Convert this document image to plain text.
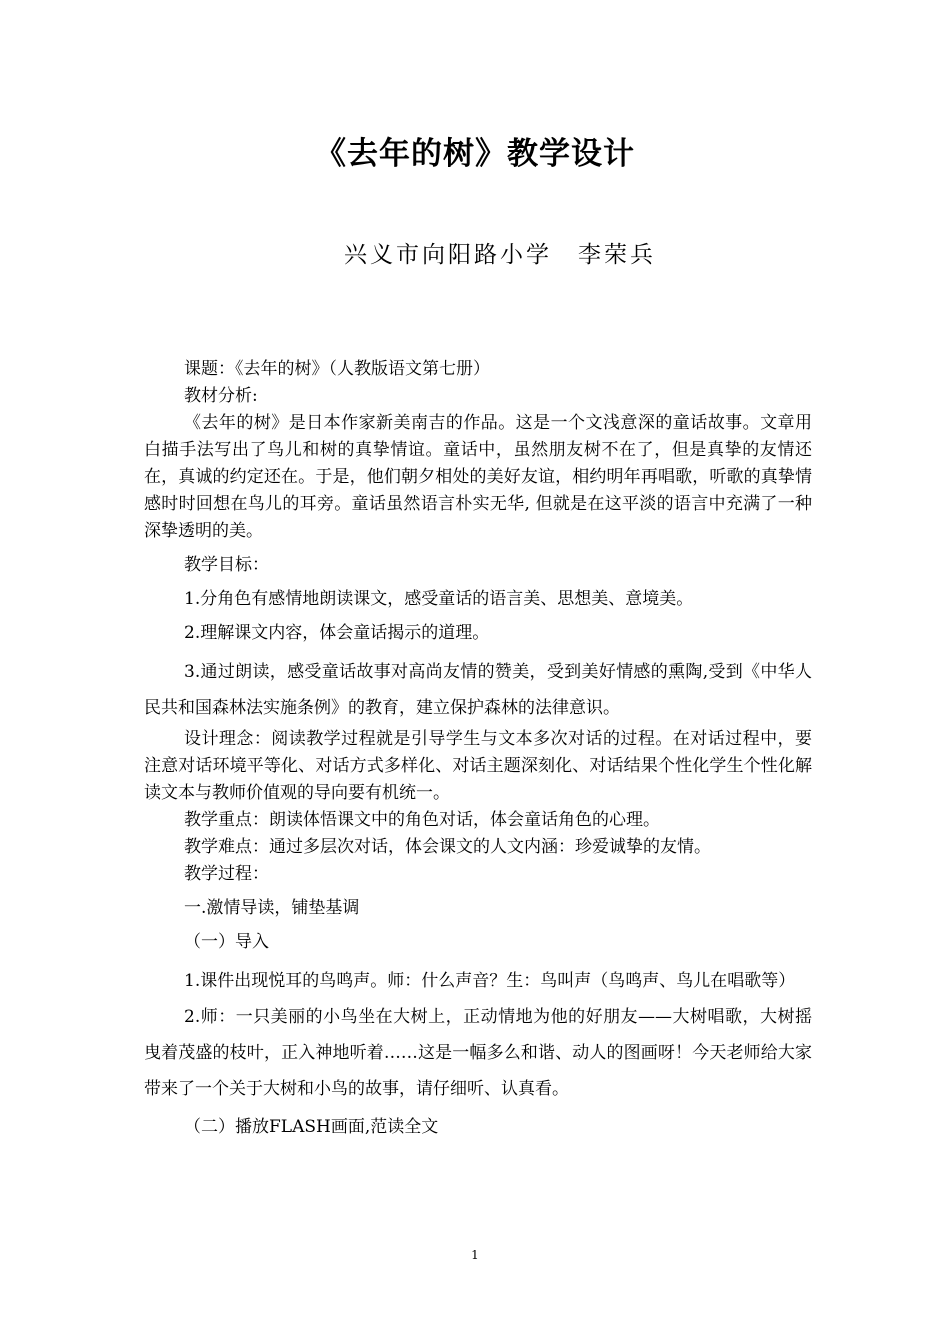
《去年的树》教学设计
兴义市向阳路小学 李荣兵

课题：《去年的树》（人教版语文第七册）

教材分析:

《去年的树》是日本作家新美南吉的作品。这是一个文浅意深的童话故事。文章用白描手法写出了鸟儿和树的真挚情谊。童话中，虽然朋友树不在了，但是真挚的友情还在，真诚的约定还在。于是，他们朝夕相处的美好友谊，相约明年再唱歌，听歌的真挚情感时时回想在鸟儿的耳旁。童话虽然语言朴实无华, 但就是在这平淡的语言中充满了一种深挚透明的美。

教学目标：

1.分角色有感情地朗读课文，感受童话的语言美、思想美、意境美。

2.理解课文内容，体会童话揭示的道理。

3.通过朗读，感受童话故事对高尚友情的赞美，受到美好情感的熏陶,受到《中华人民共和国森林法实施条例》的教育，建立保护森林的法律意识。

设计理念：阅读教学过程就是引导学生与文本多次对话的过程。在对话过程中，要注意对话环境平等化、对话方式多样化、对话主题深刻化、对话结果个性化学生个性化解读文本与教师价值观的导向要有机统一。

教学重点：朗读体悟课文中的角色对话，体会童话角色的心理。

教学难点：通过多层次对话，体会课文的人文内涵：珍爱诚挚的友情。

教学过程：

一.激情导读，铺垫基调

（一）导入

1.课件出现悦耳的鸟鸣声。师：什么声音？生：鸟叫声（鸟鸣声、鸟儿在唱歌等）

2.师：一只美丽的小鸟坐在大树上，正动情地为他的好朋友——大树唱歌，大树摇曳着茂盛的枝叶，正入神地听着……这是一幅多么和谐、动人的图画呀！今天老师给大家带来了一个关于大树和小鸟的故事，请仔细听、认真看。

（二）播放FLASH画面,范读全文

1
